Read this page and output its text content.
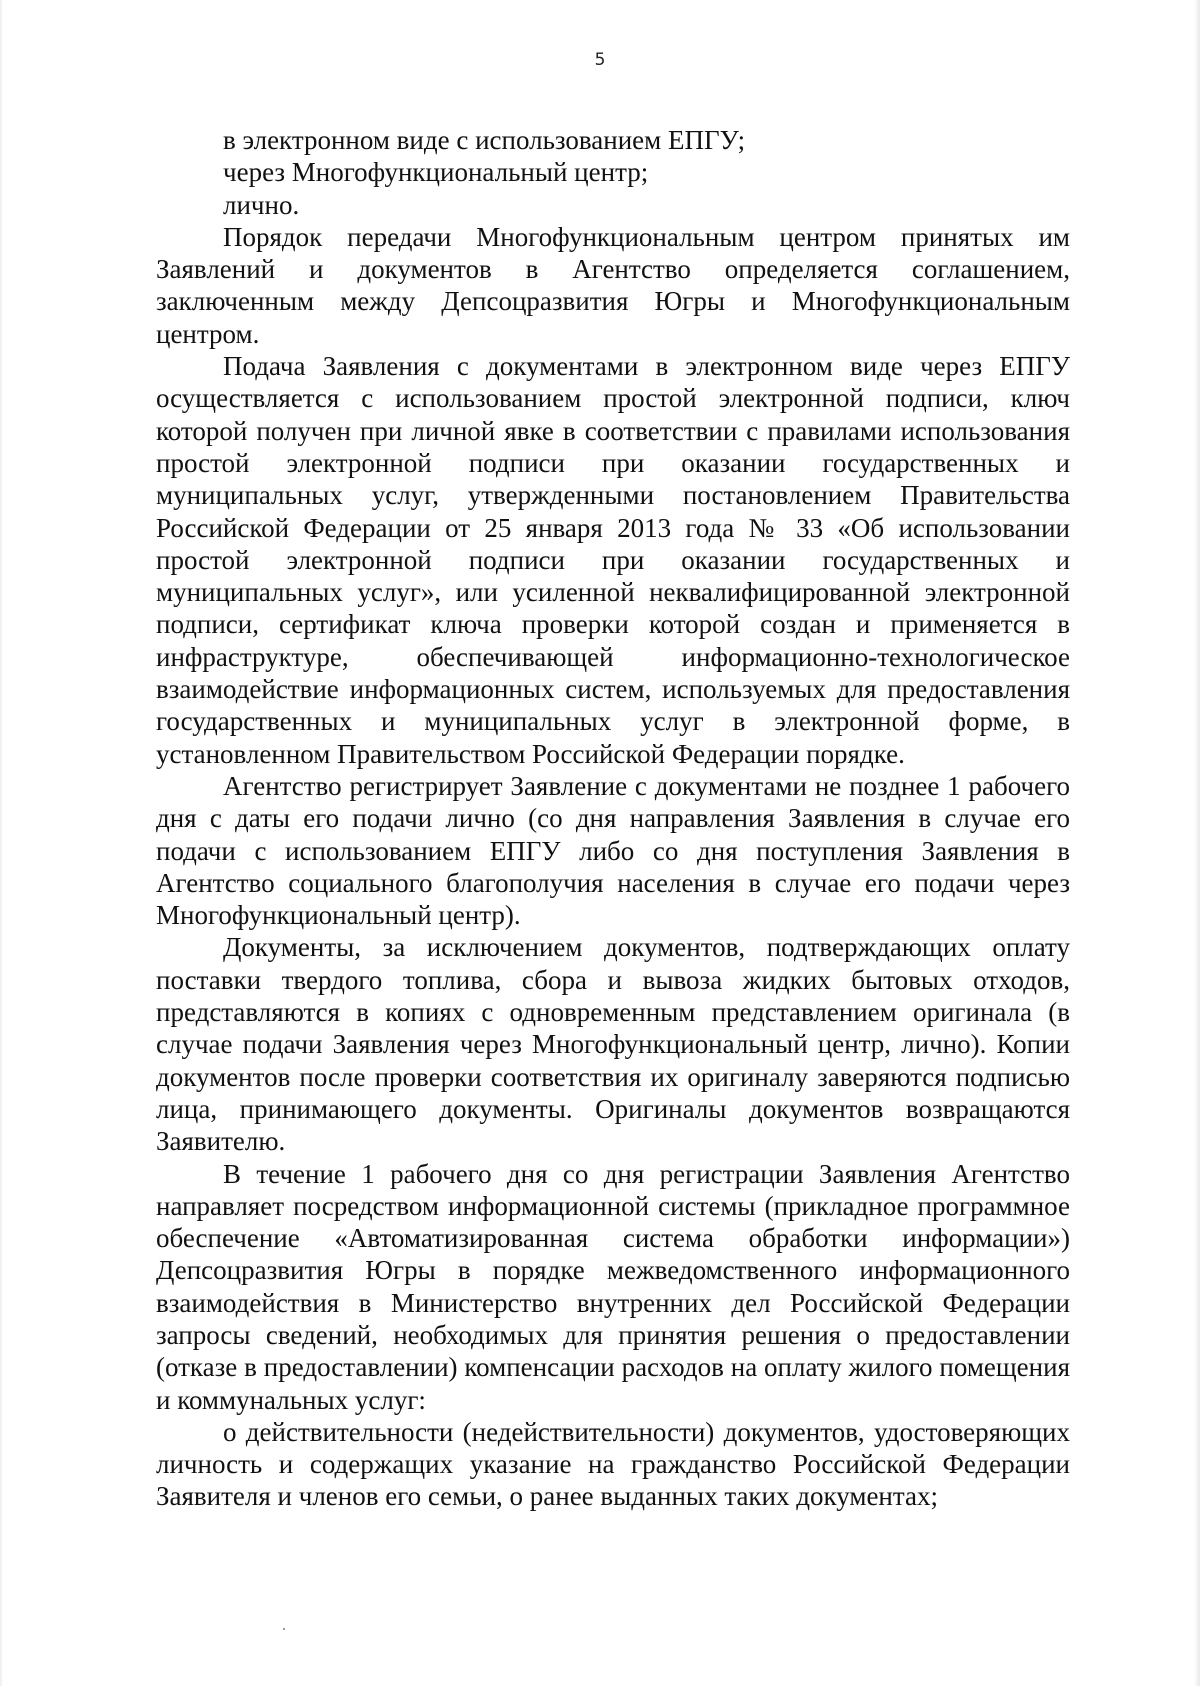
5

в электронном виде с использованием ЕПГУ;

через Многофункциональный центр;

лично.

Порядок передачи Многофункциональным центром принятых им Заявлений и документов в Агентство определяется соглашением, заключенным между Депсоцразвития Югры и Многофункциональным центром.

Подача Заявления с документами в электронном виде через ЕПГУ осуществляется с использованием простой электронной подписи, ключ которой получен при личной явке в соответствии с правилами использования простой электронной подписи при оказании государственных и муниципальных услуг, утвержденными постановлением Правительства Российской Федерации от 25 января 2013 года № 33 «Об использовании простой электронной подписи при оказании государственных и муниципальных услуг», или усиленной неквалифицированной электронной подписи, сертификат ключа проверки которой создан и применяется в инфраструктуре, обеспечивающей информационно-технологическое взаимодействие информационных систем, используемых для предоставления государственных и муниципальных услуг в электронной форме, в установленном Правительством Российской Федерации порядке.

Агентство регистрирует Заявление с документами не позднее 1 рабочего дня с даты его подачи лично (со дня направления Заявления в случае его подачи с использованием ЕПГУ либо со дня поступления Заявления в Агентство социального благополучия населения в случае его подачи через Многофункциональный центр).

Документы, за исключением документов, подтверждающих оплату поставки твердого топлива, сбора и вывоза жидких бытовых отходов, представляются в копиях с одновременным представлением оригинала (в случае подачи Заявления через Многофункциональный центр, лично). Копии документов после проверки соответствия их оригиналу заверяются подписью лица, принимающего документы. Оригиналы документов возвращаются Заявителю.

В течение 1 рабочего дня со дня регистрации Заявления Агентство направляет посредством информационной системы (прикладное программное обеспечение «Автоматизированная система обработки информации») Депсоцразвития Югры в порядке межведомственного информационного взаимодействия в Министерство внутренних дел Российской Федерации запросы сведений, необходимых для принятия решения о предоставлении (отказе в предоставлении) компенсации расходов на оплату жилого помещения и коммунальных услуг:

о действительности (недействительности) документов, удостоверяющих личность и содержащих указание на гражданство Российской Федерации Заявителя и членов его семьи, о ранее выданных таких документах;
